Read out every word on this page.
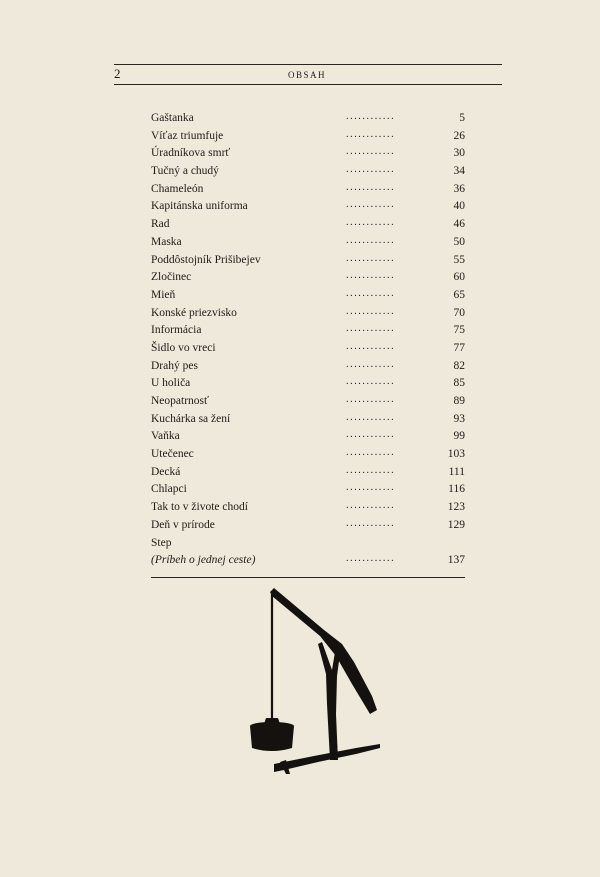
2	OBSAH
Gaštanka	............	5
Víťaz triumfuje	............	26
Úradníkova smrť	............	30
Tučný a chudý	............	34
Chameleón	............	36
Kapitánska uniforma	............	40
Rad	............	46
Maska	............	50
Poddôstojník Prišibejev	............	55
Zločinec	............	60
Mieň	............	65
Konské priezvisko	............	70
Informácia	............	75
Šidlo vo vreci	............	77
Drahý pes	............	82
U holiča	............	85
Neopatrnosť	............	89
Kuchárka sa žení	............	93
Vaňka	............	99
Utečenec	............	103
Decká	............	111
Chlapci	............	116
Tak to v živote chodí	............	123
Deň v prírode	............	129
Step
(Príbeh o jednej ceste)	............	137
